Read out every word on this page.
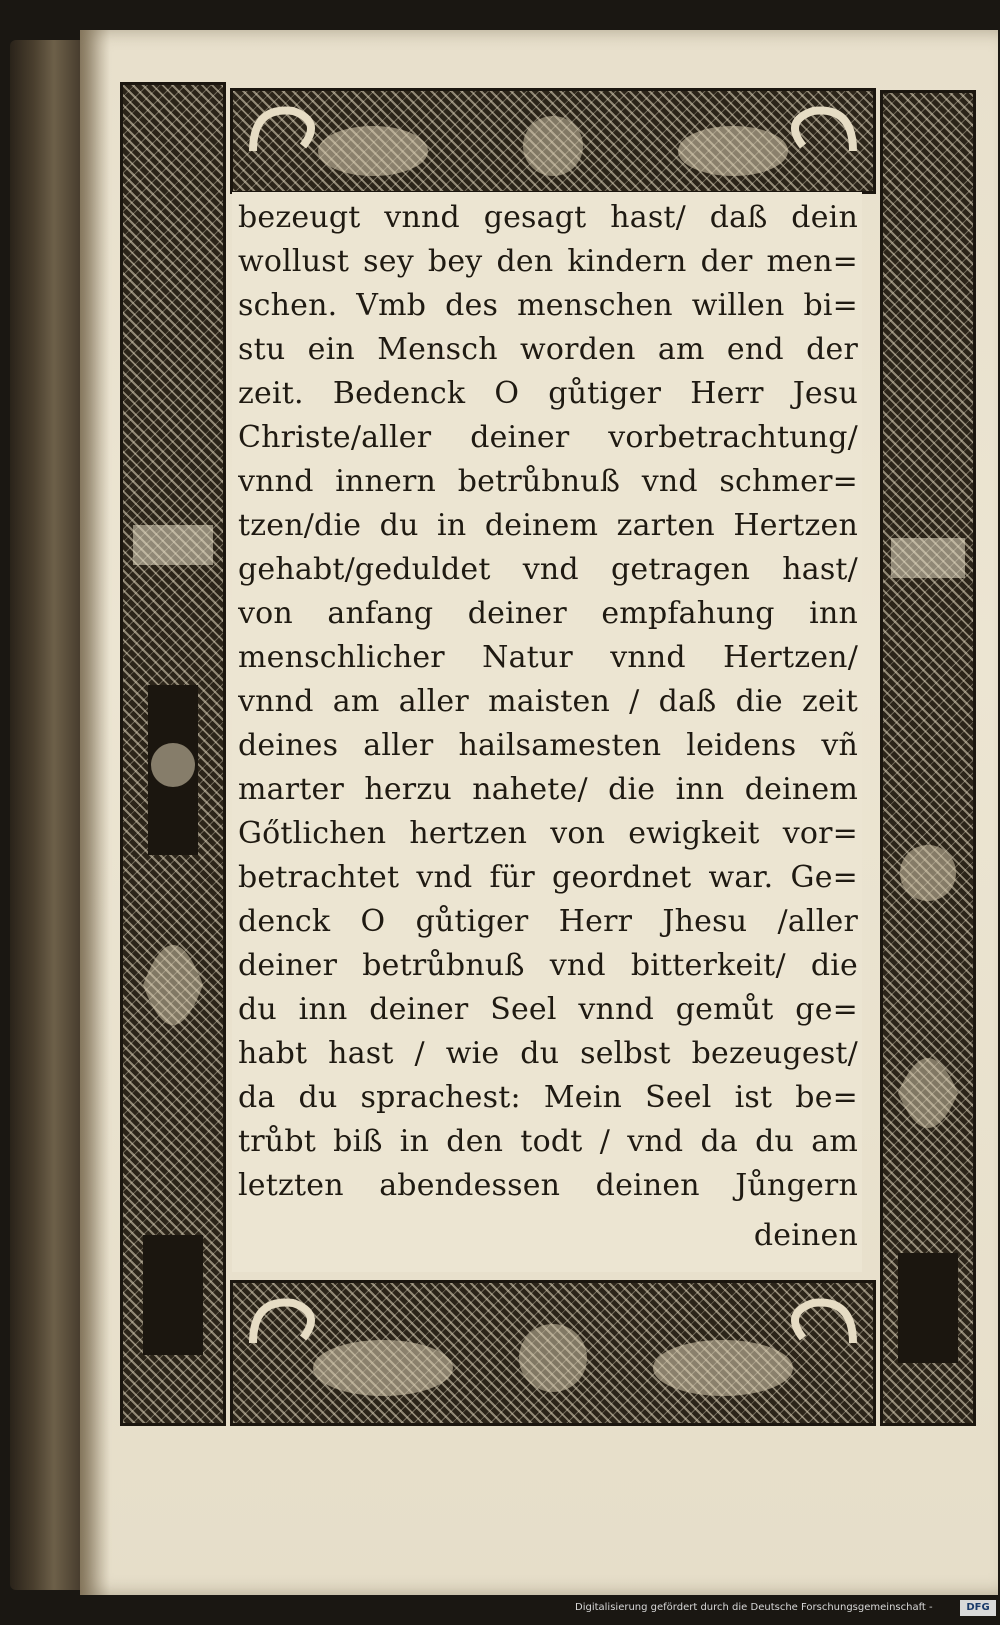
bezeugt vnnd gesagt hast/ daß dein
wollust sey bey den kindern der men=
schen. Vmb des menschen willen bi=
stu ein Mensch worden am end der
zeit. Bedenck O gůtiger Herr Jesu
Christe/aller deiner vorbetrachtung/
vnnd innern betrůbnuß vnd schmer=
tzen/die du in deinem zarten Hertzen
gehabt/geduldet vnd getragen hast/
von anfang deiner empfahung inn
menschlicher Natur vnnd Hertzen/
vnnd am aller maisten / daß die zeit
deines aller hailsamesten leidens vñ
marter herzu nahete/ die inn deinem
Gőtlichen hertzen von ewigkeit vor=
betrachtet vnd für geordnet war. Ge=
denck O gůtiger Herr Jhesu /aller
deiner betrůbnuß vnd bitterkeit/ die
du inn deiner Seel vnnd gemůt ge=
habt hast / wie du selbst bezeugest/
da du sprachest: Mein Seel ist be=
trůbt biß in den todt / vnd da du am
letzten abendessen deinen Jůngern
deinen
Digitalisierung gefördert durch die Deutsche Forschungsgemeinschaft -	DFG
